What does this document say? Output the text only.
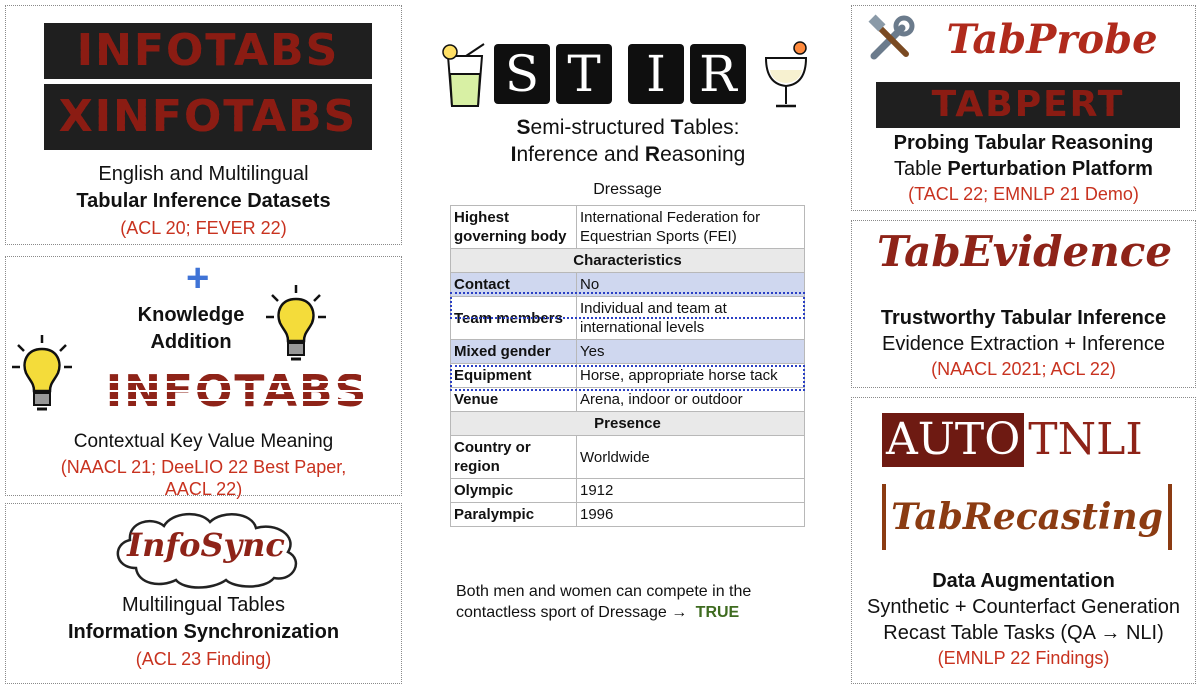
INFOTABS
XINFOTABS
English and Multilingual
Tabular Inference Datasets
(ACL 20; FEVER 22)
+
Knowledge
Addition
INFOTABS
Contextual Key Value Meaning
(NAACL 21; DeeLIO 22 Best Paper,
AACL 22)
InfoSync
Multilingual Tables
Information Synchronization
(ACL 23 Finding)
S T I R
Semi-structured Tables:
Inference and Reasoning
Dressage
Highest governing body	International Federation for Equestrian Sports (FEI)
Characteristics	
Contact	No
Team members	Individual and team at international levels
Mixed gender	Yes
Equipment	Horse, appropriate horse tack
Venue	Arena, indoor or outdoor
Presence	
Country or region	Worldwide
Olympic	1912
Paralympic	1996
Both men and women can compete in the
contactless sport of Dressage → TRUE
TabProbe
TABPERT
Probing Tabular Reasoning
Table Perturbation Platform
(TACL 22; EMNLP 21 Demo)
TabEvidence
Trustworthy Tabular Inference
Evidence Extraction + Inference
(NAACL 2021; ACL 22)
AUTO TNLI
TabRecasting
Data Augmentation
Synthetic + Counterfact Generation
Recast Table Tasks (QA → NLI)
(EMNLP 22 Findings)
